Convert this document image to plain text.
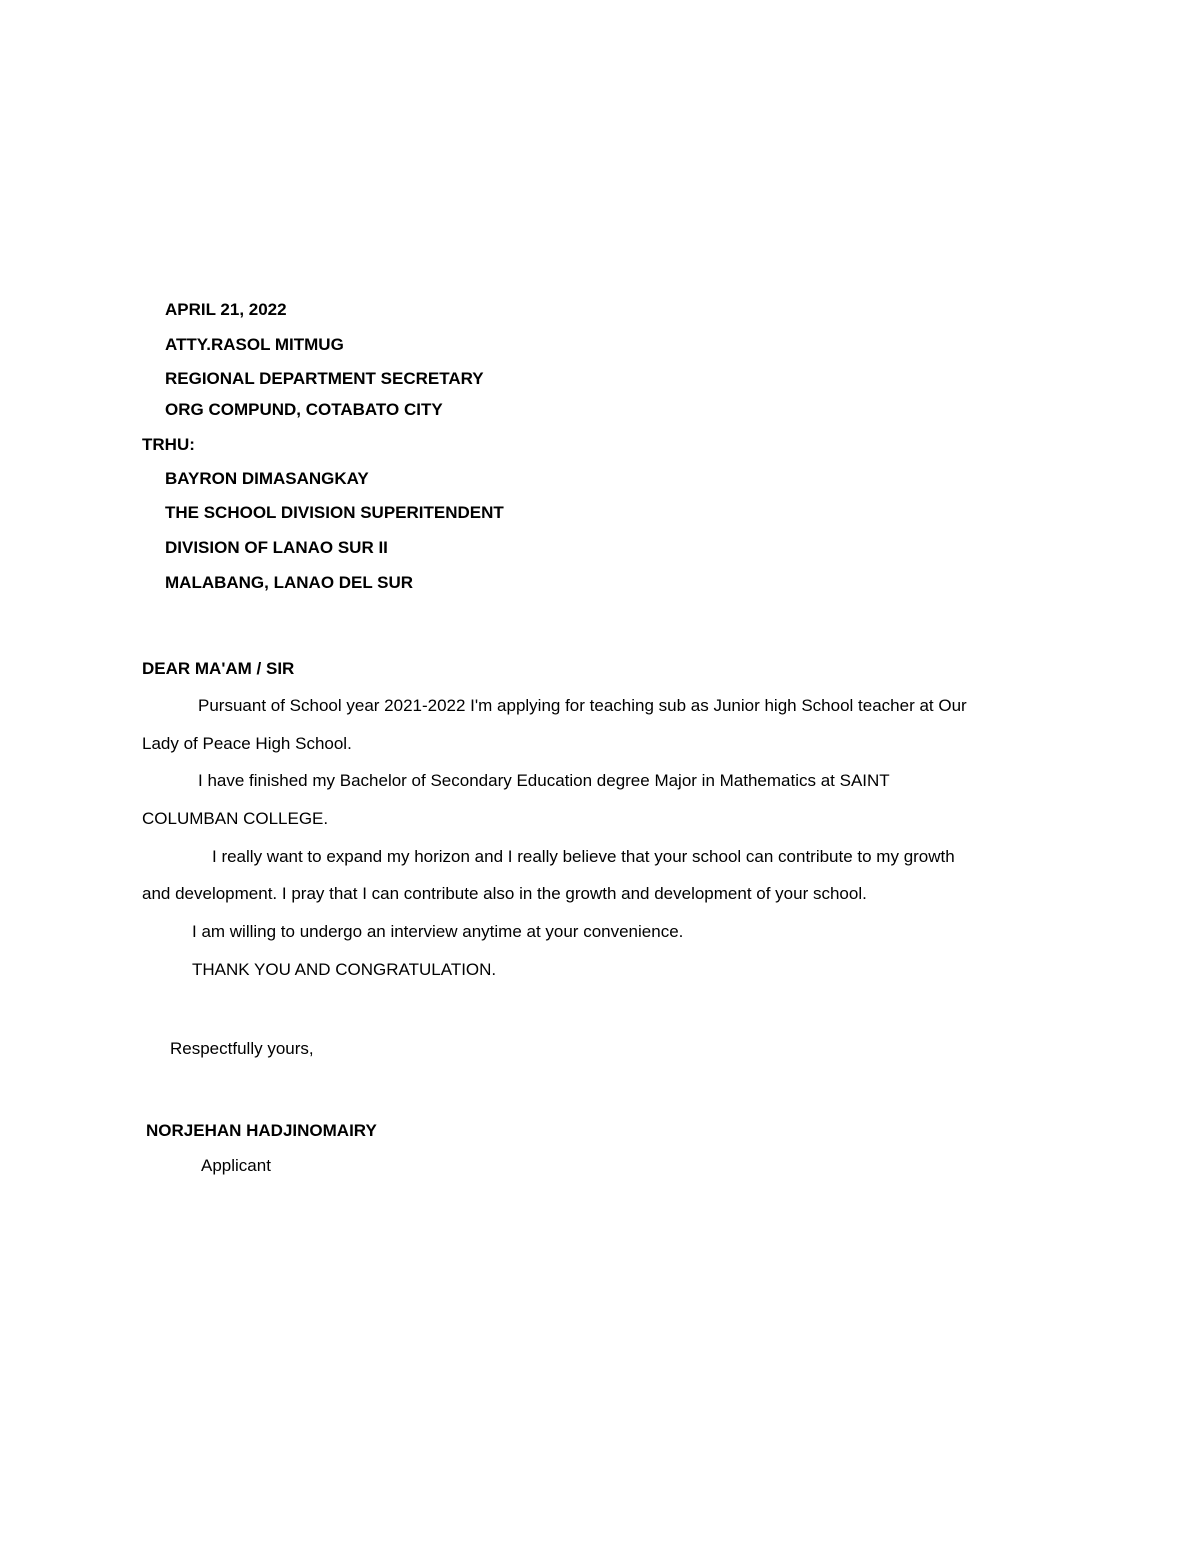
APRIL 21, 2022
ATTY.RASOL MITMUG
REGIONAL DEPARTMENT SECRETARY
ORG COMPUND, COTABATO CITY
TRHU:
BAYRON DIMASANGKAY
THE SCHOOL DIVISION SUPERITENDENT
DIVISION OF LANAO SUR II
MALABANG, LANAO DEL SUR
DEAR MA'AM / SIR
Pursuant of School year 2021-2022 I'm applying for teaching sub as Junior high School teacher at Our
Lady of Peace High School.
I have finished my Bachelor of Secondary Education degree Major in Mathematics at SAINT
COLUMBAN COLLEGE.
I really want to expand my horizon and I really believe that your school can contribute to my growth
and development. I pray that I can contribute also in the growth and development of your school.
I am willing to undergo an interview anytime at your convenience.
THANK YOU AND CONGRATULATION.
Respectfully yours,
NORJEHAN HADJINOMAIRY
Applicant
